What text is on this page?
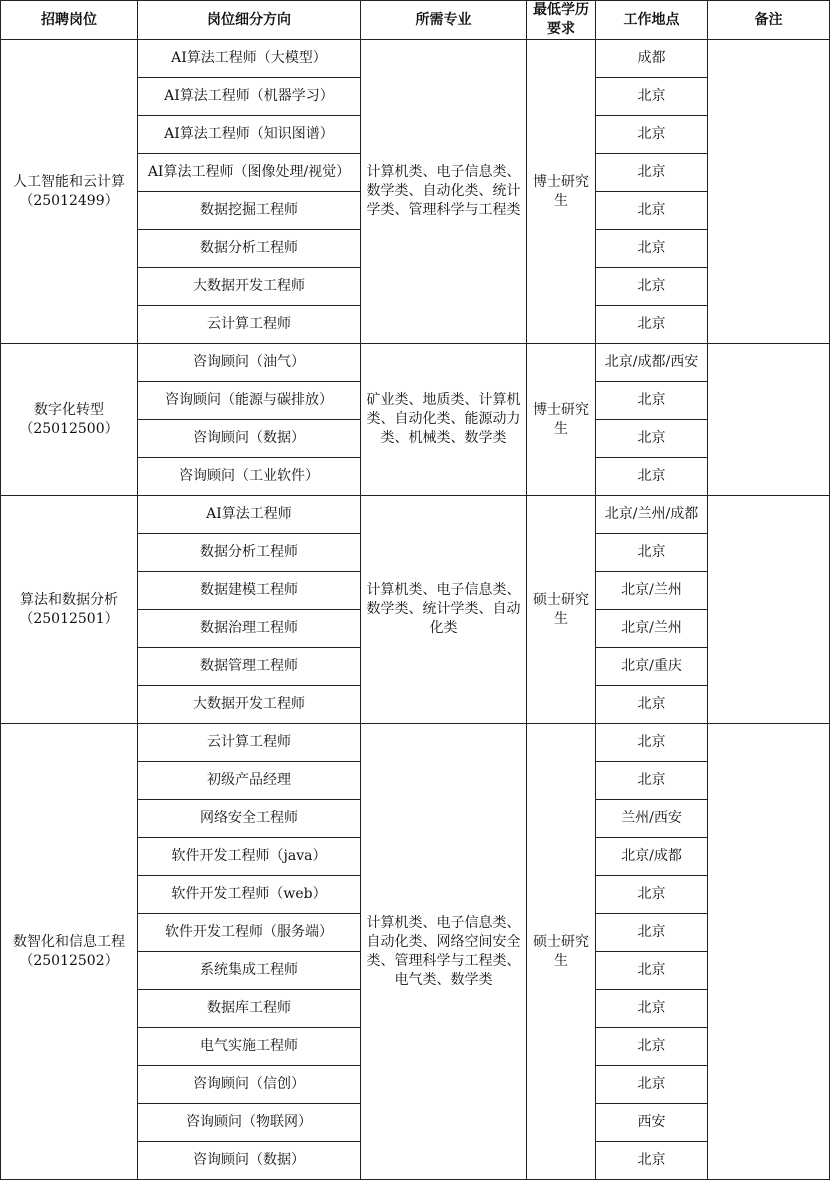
招聘岗位	岗位细分方向	所需专业	最低学历要求	工作地点	备注
人工智能和云计算（25012499）	AI算法工程师（大模型）	计算机类、电子信息类、数学类、自动化类、统计学类、管理科学与工程类	博士研究生	成都	
	AI算法工程师（机器学习）			北京	
	AI算法工程师（知识图谱）			北京	
	AI算法工程师（图像处理/视觉）			北京	
	数据挖掘工程师			北京	
	数据分析工程师			北京	
	大数据开发工程师			北京	
	云计算工程师			北京	
数字化转型（25012500）	咨询顾问（油气）	矿业类、地质类、计算机类、自动化类、能源动力类、机械类、数学类	博士研究生	北京/成都/西安	
	咨询顾问（能源与碳排放）			北京	
	咨询顾问（数据）			北京	
	咨询顾问（工业软件）			北京	
算法和数据分析（25012501）	AI算法工程师	计算机类、电子信息类、数学类、统计学类、自动化类	硕士研究生	北京/兰州/成都	
	数据分析工程师			北京	
	数据建模工程师			北京/兰州	
	数据治理工程师			北京/兰州	
	数据管理工程师			北京/重庆	
	大数据开发工程师			北京	
数智化和信息工程（25012502）	云计算工程师	计算机类、电子信息类、自动化类、网络空间安全类、管理科学与工程类、电气类、数学类	硕士研究生	北京	
	初级产品经理			北京	
	网络安全工程师			兰州/西安	
	软件开发工程师（java）			北京/成都	
	软件开发工程师（web）			北京	
	软件开发工程师（服务端）			北京	
	系统集成工程师			北京	
	数据库工程师			北京	
	电气实施工程师			北京	
	咨询顾问（信创）			北京	
	咨询顾问（物联网）			西安	
	咨询顾问（数据）			北京	
